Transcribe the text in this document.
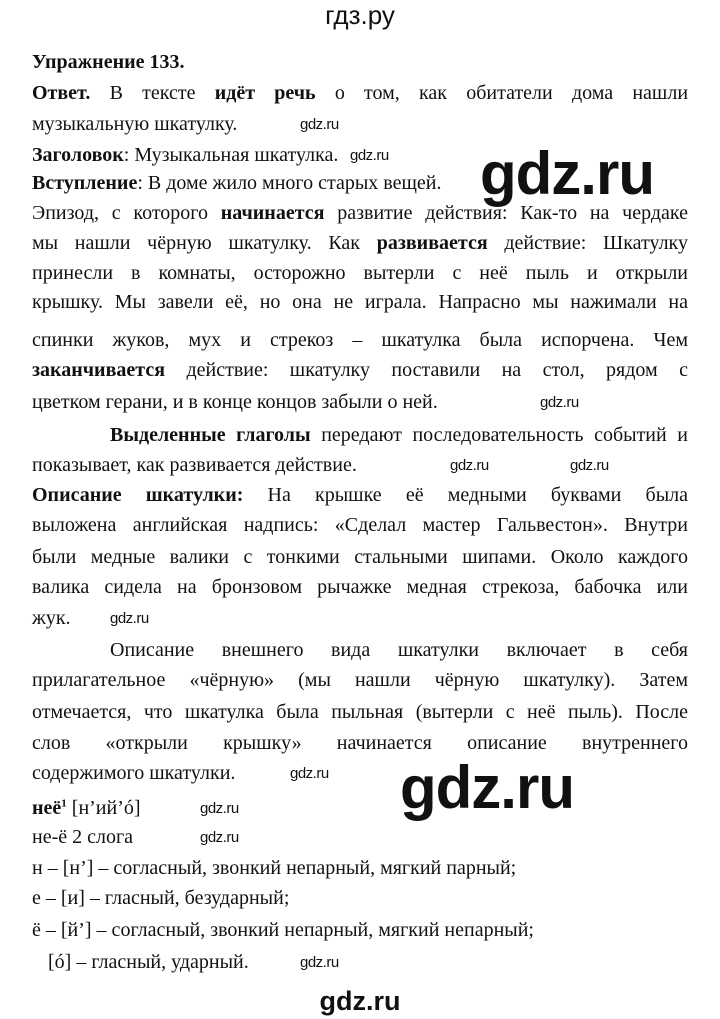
гдз.ру
Упражнение 133.
Ответ. В тексте идёт речь о том, как обитатели дома нашли
музыкальную шкатулку.
Заголовок: Музыкальная шкатулка.
Вступление: В доме жило много старых вещей.
Эпизод, с которого начинается развитие действия: Как-то на чердаке
мы нашли чёрную шкатулку. Как развивается действие: Шкатулку
принесли в комнаты, осторожно вытерли с неё пыль и открыли
крышку. Мы завели её, но она не играла. Напрасно мы нажимали на
спинки жуков, мух и стрекоз – шкатулка была испорчена. Чем
заканчивается действие: шкатулку поставили на стол, рядом с
цветком герани, и в конце концов забыли о ней.
Выделенные глаголы передают последовательность событий и
показывает, как развивается действие.
Описание шкатулки: На крышке её медными буквами была
выложена английская надпись: «Сделал мастер Гальвестон». Внутри
были медные валики с тонкими стальными шипами. Около каждого
валика сидела на бронзовом рычажке медная стрекоза, бабочка или
жук.
Описание внешнего вида шкатулки включает в себя
прилагательное «чёрную» (мы нашли чёрную шкатулку). Затем
отмечается, что шкатулка была пыльная (вытерли с неё пыль). После
слов «открыли крышку» начинается описание внутреннего
содержимого шкатулки.
неё$^1$ [н’ий’ó]
не-ё 2 слога
н – [н’] – согласный, звонкий непарный, мягкий парный;
е – [и] – гласный, безударный;
ё – [й’] – согласный, звонкий непарный, мягкий непарный;
[ó] – гласный, ударный.
gdz.ru
gdz.ru
gdz.ru
gdz.ru	gdz.ru
gdz.ru
gdz.ru
gdz.ru
gdz.ru
gdz.ru
gdz.ru
gdz.ru
gdz.ru
